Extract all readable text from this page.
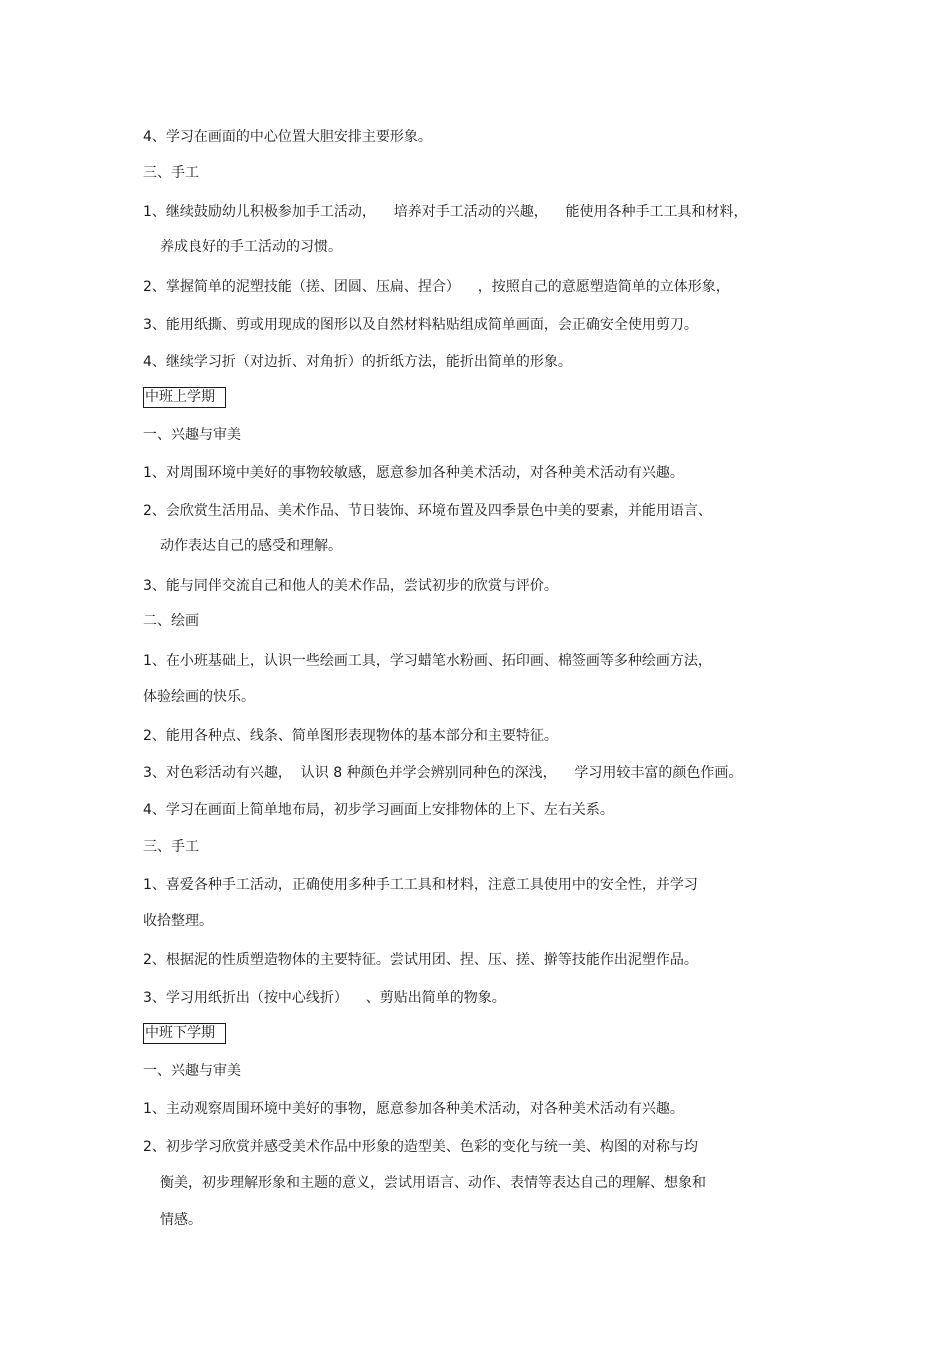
4、学习在画面的中心位置大胆安排主要形象。
三、手工
1、继续鼓励幼儿积极参加手工活动，    培养对手工活动的兴趣，    能使用各种手工工具和材料，
养成良好的手工活动的习惯。
2、掌握简单的泥塑技能（搓、团圆、压扁、捏合）    ，按照自己的意愿塑造简单的立体形象，
3、能用纸撕、剪或用现成的图形以及自然材料粘贴组成简单画面，会正确安全使用剪刀。
4、继续学习折（对边折、对角折）的折纸方法，能折出简单的形象。
中班上学期
一、兴趣与审美
1、对周围环境中美好的事物较敏感，愿意参加各种美术活动，对各种美术活动有兴趣。
2、会欣赏生活用品、美术作品、节日装饰、环境布置及四季景色中美的要素，并能用语言、
动作表达自己的感受和理解。
3、能与同伴交流自己和他人的美术作品，尝试初步的欣赏与评价。
二、绘画
1、在小班基础上，认识一些绘画工具，学习蜡笔水粉画、拓印画、棉签画等多种绘画方法，
体验绘画的快乐。
2、能用各种点、线条、简单图形表现物体的基本部分和主要特征。
3、对色彩活动有兴趣，  认识 8 种颜色并学会辨别同种色的深浅，    学习用较丰富的颜色作画。
4、学习在画面上简单地布局，初步学习画面上安排物体的上下、左右关系。
三、手工
1、喜爱各种手工活动，正确使用多种手工工具和材料，注意工具使用中的安全性，并学习
收拾整理。
2、根据泥的性质塑造物体的主要特征。尝试用团、捏、压、搓、擀等技能作出泥塑作品。
3、学习用纸折出（按中心线折）    、剪贴出简单的物象。
中班下学期
一、兴趣与审美
1、主动观察周围环境中美好的事物，愿意参加各种美术活动，对各种美术活动有兴趣。
2、初步学习欣赏并感受美术作品中形象的造型美、色彩的变化与统一美、构图的对称与均
衡美，初步理解形象和主题的意义，尝试用语言、动作、表情等表达自己的理解、想象和
情感。
